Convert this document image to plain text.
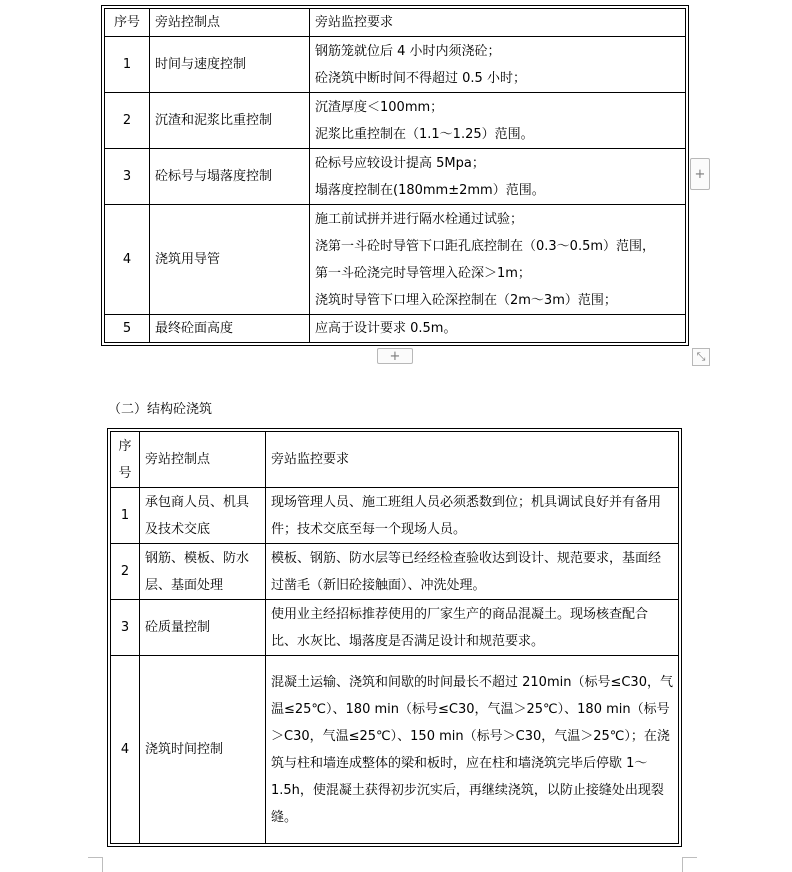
序号	旁站控制点	旁站监控要求
1	时间与速度控制	钢筋笼就位后 4 小时内须浇砼；
砼浇筑中断时间不得超过 0.5 小时；

2	沉渣和泥浆比重控制	沉渣厚度＜100mm；
泥浆比重控制在（1.1～1.25）范围。

3	砼标号与塌落度控制	砼标号应较设计提高 5Mpa；
塌落度控制在(180mm±2mm）范围。

4	浇筑用导管	施工前试拼并进行隔水栓通过试验；
浇第一斗砼时导管下口距孔底控制在（0.3～0.5m）范围，
第一斗砼浇完时导管埋入砼深＞1m；
浇筑时导管下口埋入砼深控制在（2m～3m）范围；

5	最终砼面高度	应高于设计要求 0.5m。
+
+	⤡
（二）结构砼浇筑
序号	旁站控制点	旁站监控要求
1	承包商人员、机具及技术交底	现场管理人员、施工班组人员必须悉数到位；机具调试良好并有备用件；技术交底至每一个现场人员。

2	钢筋、模板、防水层、基面处理	模板、钢筋、防水层等已经经检查验收达到设计、规范要求，基面经过凿毛（新旧砼接触面）、冲洗处理。

3	砼质量控制	使用业主经招标推荐使用的厂家生产的商品混凝土。现场核查配合比、水灰比、塌落度是否满足设计和规范要求。

4	浇筑时间控制	混凝土运输、浇筑和间歇的时间最长不超过 210min（标号≤C30，气温≤25℃）、180 min（标号≤C30，气温＞25℃）、180 min（标号＞C30，气温≤25℃）、150 min（标号＞C30，气温＞25℃）；在浇筑与柱和墙连成整体的梁和板时，应在柱和墙浇筑完毕后停歇 1～1.5h，使混凝土获得初步沉实后，再继续浇筑，以防止接缝处出现裂缝。
